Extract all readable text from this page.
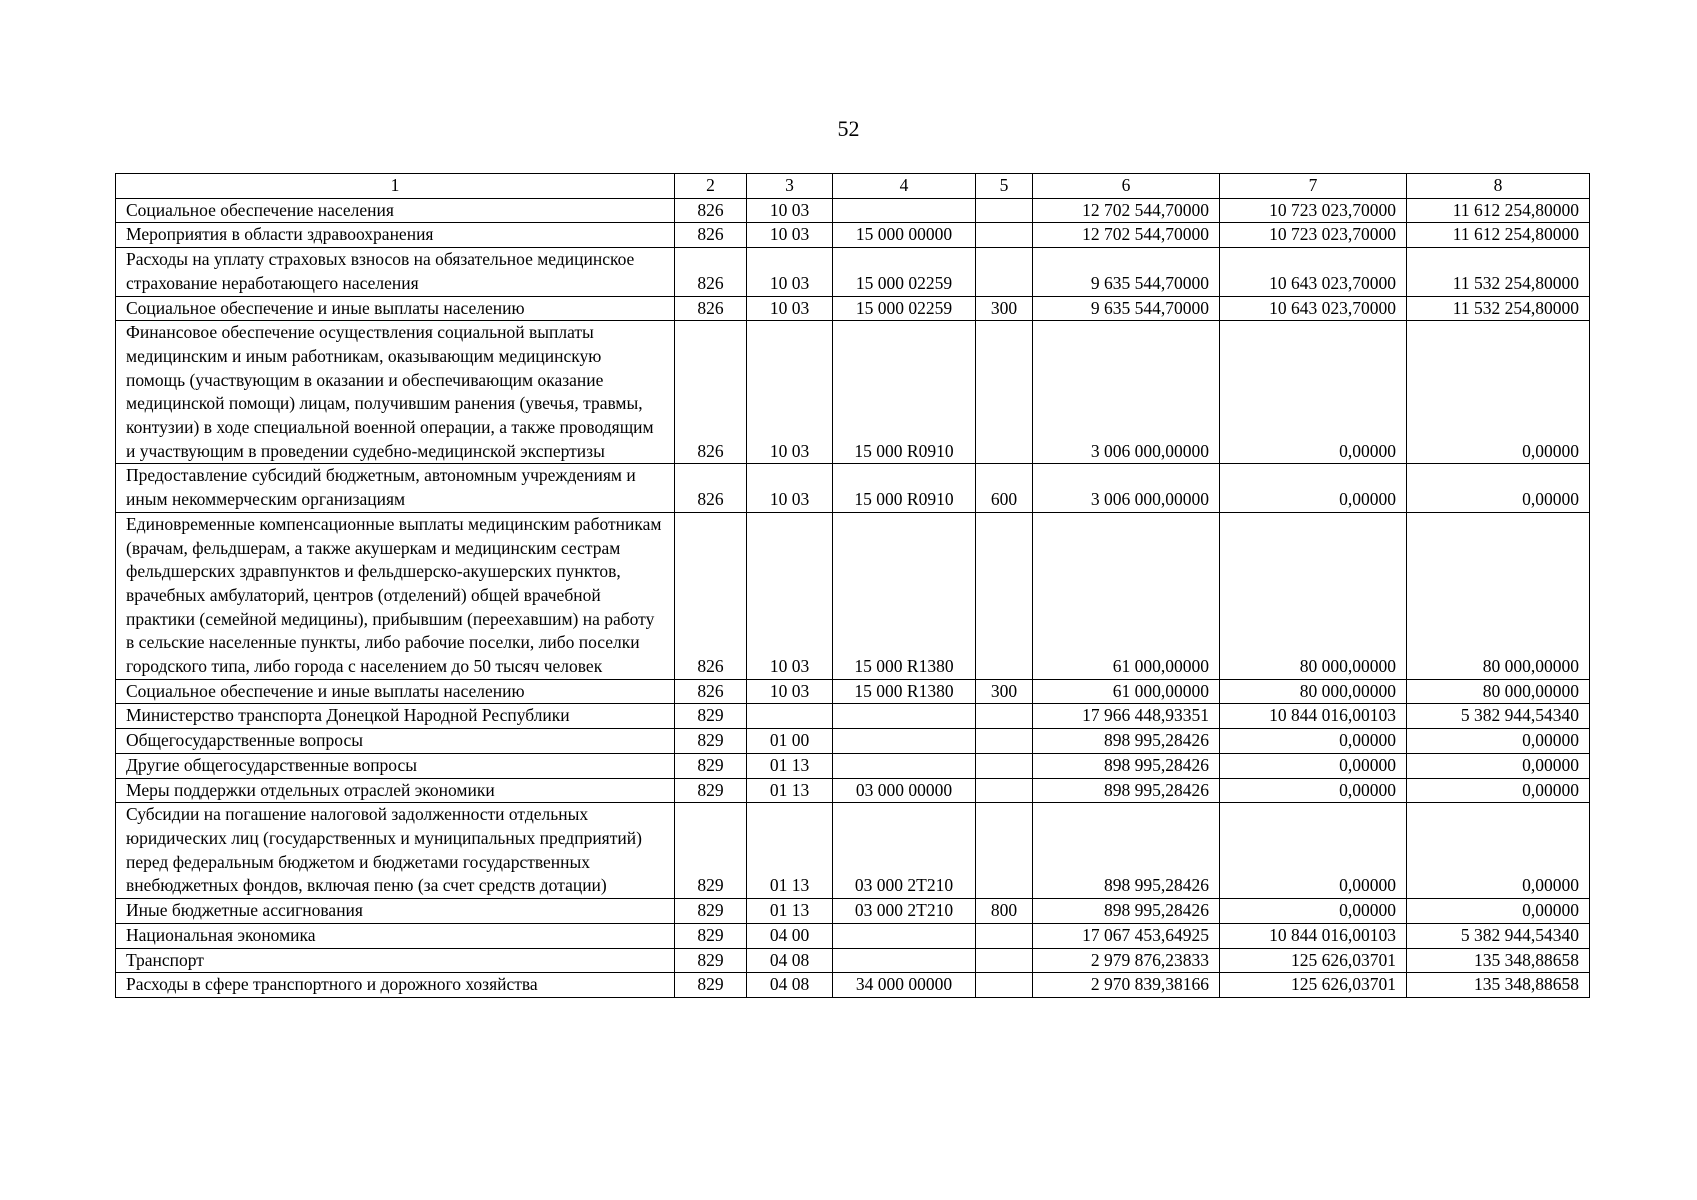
52
1	2	3	4	5	6	7	8
Социальное обеспечение населения	826	10 03			12 702 544,70000	10 723 023,70000	11 612 254,80000
Мероприятия в области здравоохранения	826	10 03	15 000 00000		12 702 544,70000	10 723 023,70000	11 612 254,80000
Расходы на уплату страховых взносов на обязательное медицинское страхование неработающего населения	826	10 03	15 000 02259		9 635 544,70000	10 643 023,70000	11 532 254,80000
Социальное обеспечение и иные выплаты населению	826	10 03	15 000 02259	300	9 635 544,70000	10 643 023,70000	11 532 254,80000
Финансовое обеспечение осуществления социальной выплаты медицинским и иным работникам, оказывающим медицинскую помощь (участвующим в оказании и обеспечивающим оказание медицинской помощи) лицам, получившим ранения (увечья, травмы, контузии) в ходе специальной военной операции, а также проводящим и участвующим в проведении судебно-медицинской экспертизы	826	10 03	15 000 R0910		3 006 000,00000	0,00000	0,00000
Предоставление субсидий бюджетным, автономным учреждениям и иным некоммерческим организациям	826	10 03	15 000 R0910	600	3 006 000,00000	0,00000	0,00000
Единовременные компенсационные выплаты медицинским работникам (врачам, фельдшерам, а также акушеркам и медицинским сестрам фельдшерских здравпунктов и фельдшерско-акушерских пунктов, врачебных амбулаторий, центров (отделений) общей врачебной практики (семейной медицины), прибывшим (переехавшим) на работу в сельские населенные пункты, либо рабочие поселки, либо поселки городского типа, либо города с населением до 50 тысяч человек	826	10 03	15 000 R1380		61 000,00000	80 000,00000	80 000,00000
Социальное обеспечение и иные выплаты населению	826	10 03	15 000 R1380	300	61 000,00000	80 000,00000	80 000,00000
Министерство транспорта Донецкой Народной Республики	829				17 966 448,93351	10 844 016,00103	5 382 944,54340
Общегосударственные вопросы	829	01 00			898 995,28426	0,00000	0,00000
Другие общегосударственные вопросы	829	01 13			898 995,28426	0,00000	0,00000
Меры поддержки отдельных отраслей экономики	829	01 13	03 000 00000		898 995,28426	0,00000	0,00000
Субсидии на погашение налоговой задолженности отдельных юридических лиц (государственных и муниципальных предприятий) перед федеральным бюджетом и бюджетами государственных внебюджетных фондов, включая пеню (за счет средств дотации)	829	01 13	03 000 2Т210		898 995,28426	0,00000	0,00000
Иные бюджетные ассигнования	829	01 13	03 000 2Т210	800	898 995,28426	0,00000	0,00000
Национальная экономика	829	04 00			17 067 453,64925	10 844 016,00103	5 382 944,54340
Транспорт	829	04 08			2 979 876,23833	125 626,03701	135 348,88658
Расходы в сфере транспортного и дорожного хозяйства	829	04 08	34 000 00000		2 970 839,38166	125 626,03701	135 348,88658
